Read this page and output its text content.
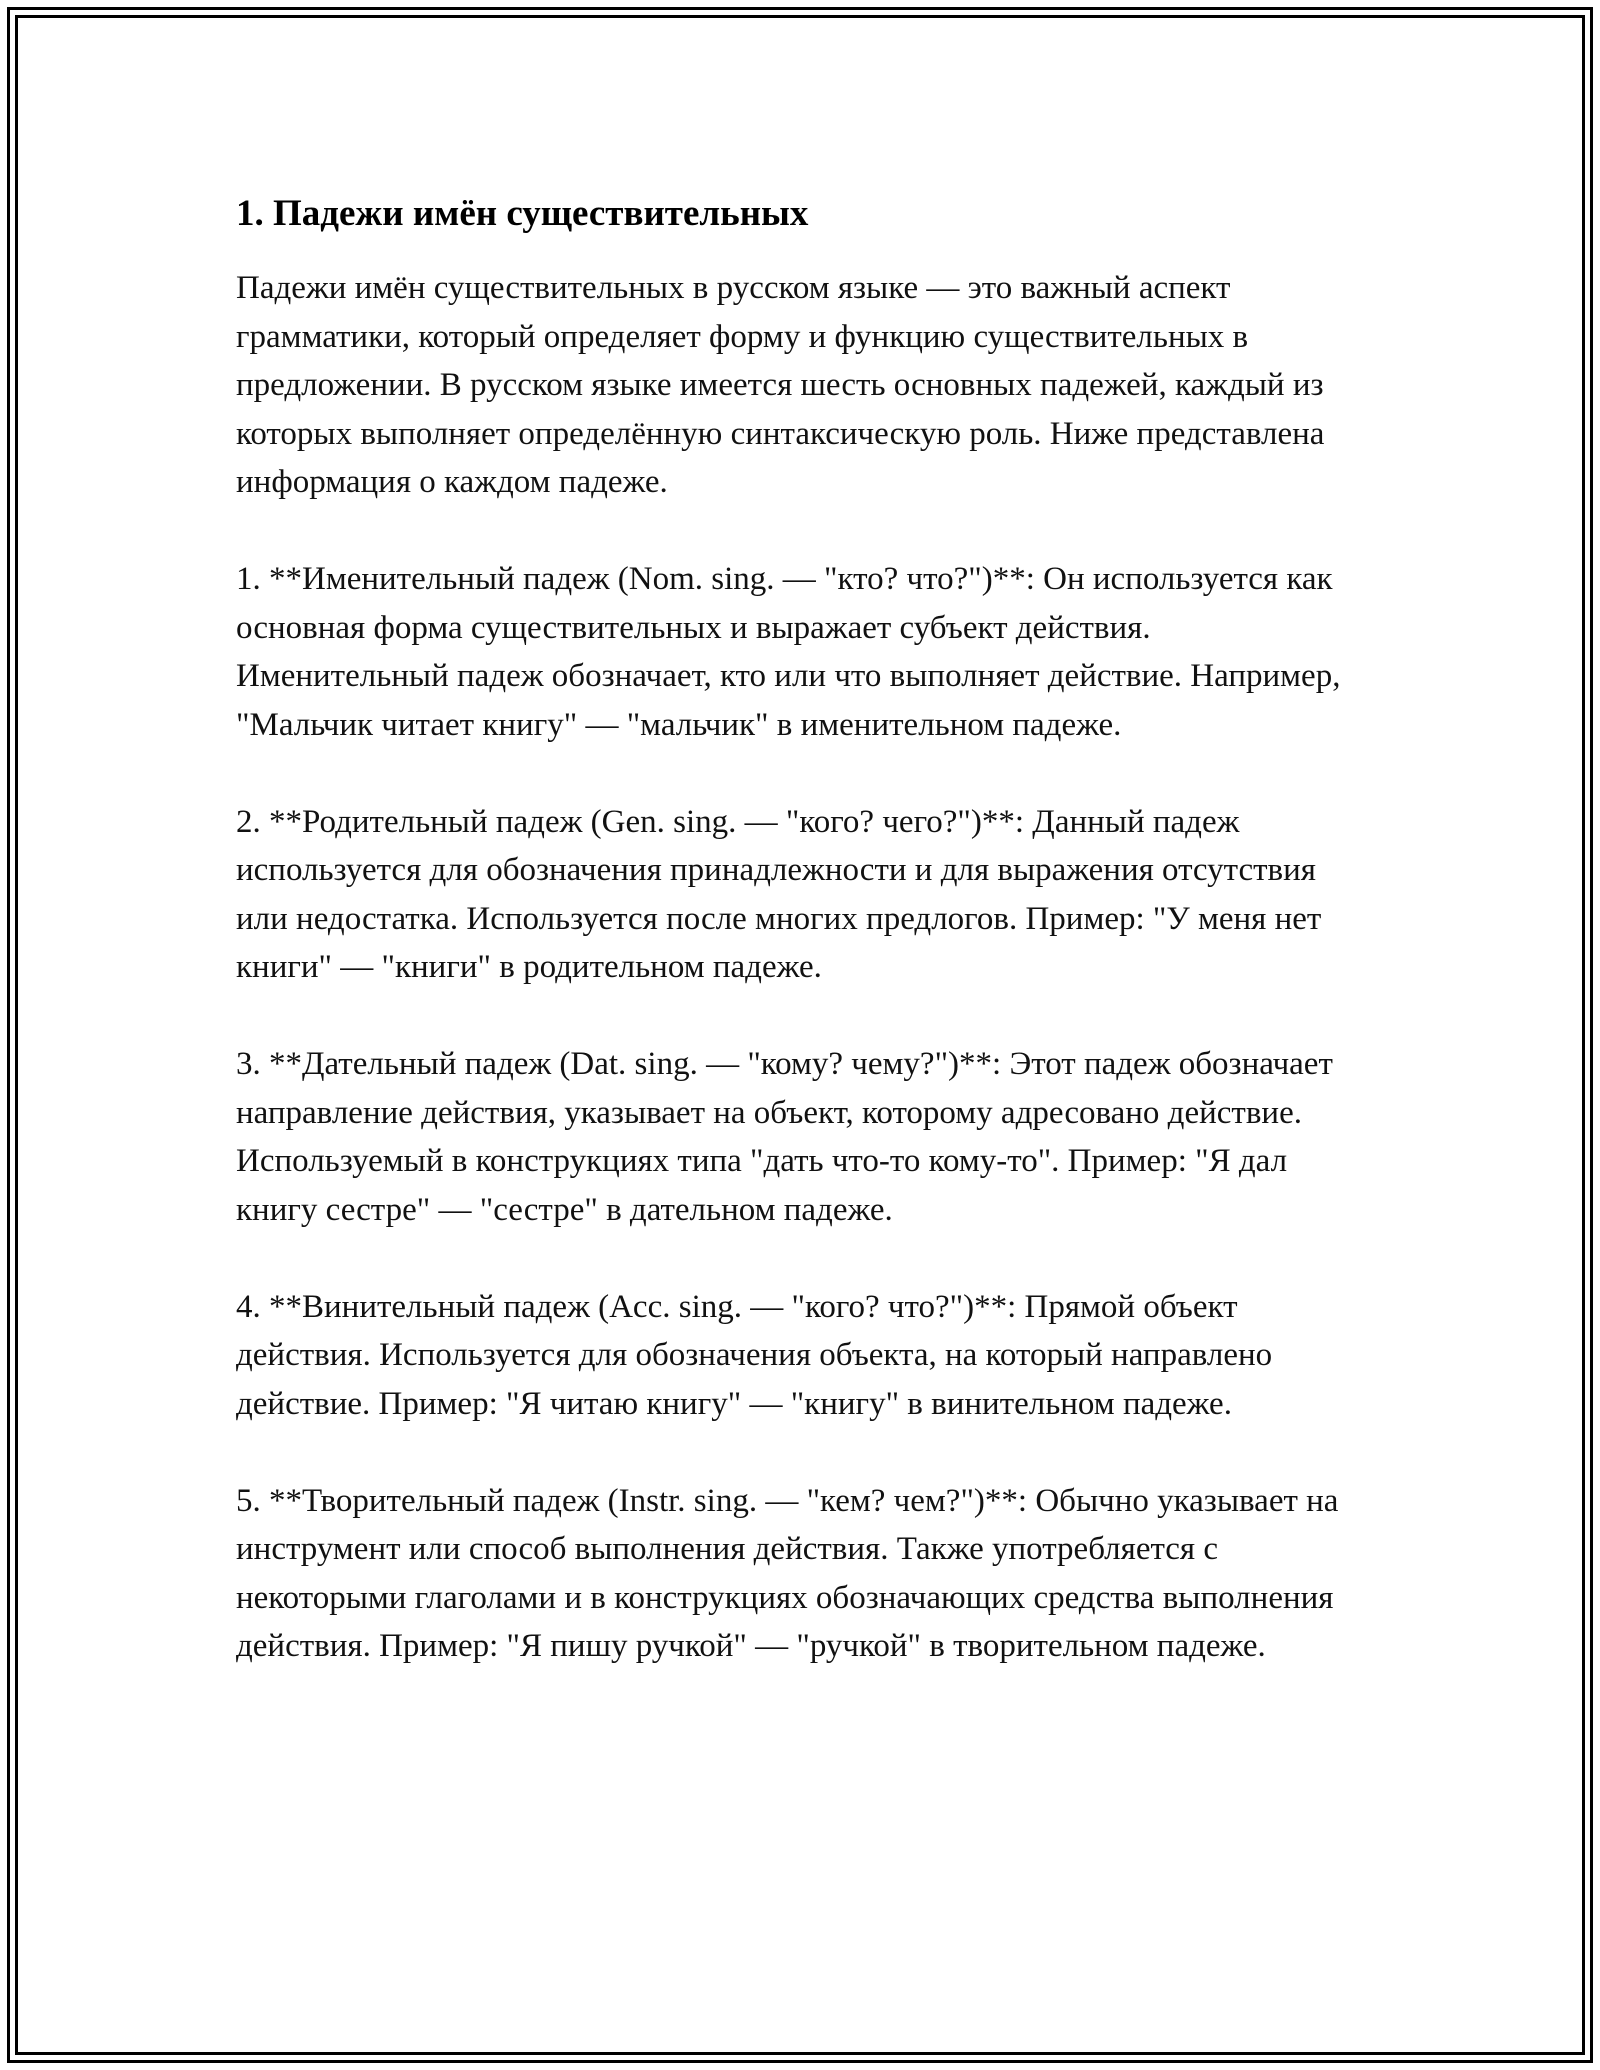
1. Падежи имён существительных

Падежи имён существительных в русском языке — это важный аспект грамматики, который определяет форму и функцию существительных в предложении. В русском языке имеется шесть основных падежей, каждый из которых выполняет определённую синтаксическую роль. Ниже представлена информация о каждом падеже.

1. **Именительный падеж (Nom. sing. — "кто? что?")**: Он используется как основная форма существительных и выражает субъект действия. Именительный падеж обозначает, кто или что выполняет действие. Например, "Мальчик читает книгу" — "мальчик" в именительном падеже.

2. **Родительный падеж (Gen. sing. — "кого? чего?")**: Данный падеж используется для обозначения принадлежности и для выражения отсутствия или недостатка. Используется после многих предлогов. Пример: "У меня нет книги" — "книги" в родительном падеже.

3. **Дательный падеж (Dat. sing. — "кому? чему?")**: Этот падеж обозначает направление действия, указывает на объект, которому адресовано действие. Используемый в конструкциях типа "дать что-то кому-то". Пример: "Я дал книгу сестре" — "сестре" в дательном падеже.

4. **Винительный падеж (Acc. sing. — "кого? что?")**: Прямой объект действия. Используется для обозначения объекта, на который направлено действие. Пример: "Я читаю книгу" — "книгу" в винительном падеже.

5. **Творительный падеж (Instr. sing. — "кем? чем?")**: Обычно указывает на инструмент или способ выполнения действия. Также употребляется с некоторыми глаголами и в конструкциях обозначающих средства выполнения действия. Пример: "Я пишу ручкой" — "ручкой" в творительном падеже.
